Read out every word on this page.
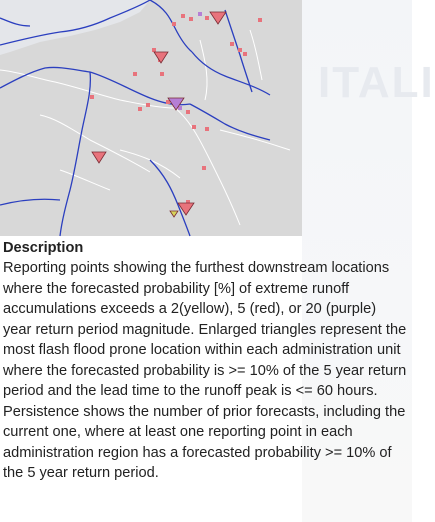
ITALI
Description

Reporting points showing the furthest downstream locations where the forecasted probability [%] of extreme runoff accumulations exceeds a 2(yellow), 5 (red), or 20 (purple) year return period magnitude. Enlarged triangles represent the most flash flood prone location within each administration unit where the forecasted probability is >= 10% of the 5 year return period and the lead time to the runoff peak is <= 60 hours. Persistence shows the number of prior forecasts, including the current one, where at least one reporting point in each administration region has a forecasted probability >= 10% of the 5 year return period.
